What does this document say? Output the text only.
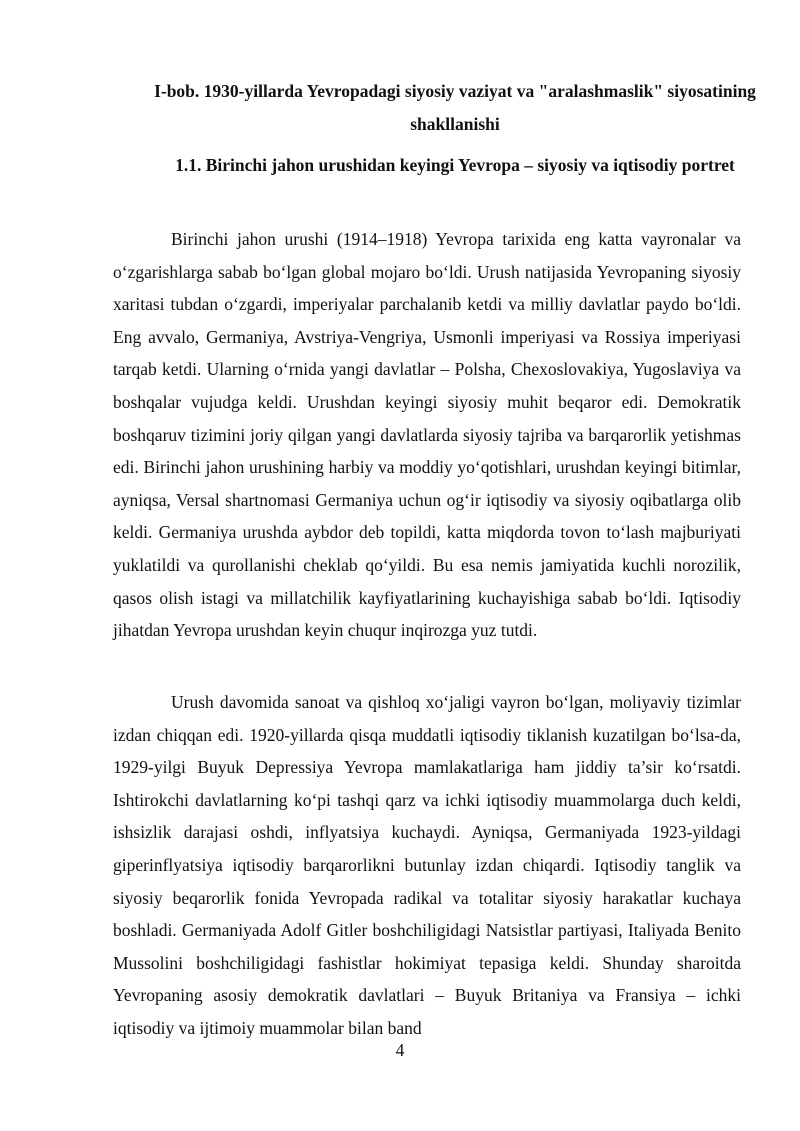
I-bob. 1930-yillarda Yevropadagi siyosiy vaziyat va "aralashmaslik" siyosatining shakllanishi
1.1. Birinchi jahon urushidan keyingi Yevropa – siyosiy va iqtisodiy portret

Birinchi jahon urushi (1914–1918) Yevropa tarixida eng katta vayronalar va o‘zgarishlarga sabab bo‘lgan global mojaro bo‘ldi. Urush natijasida Yevropaning siyosiy xaritasi tubdan o‘zgardi, imperiyalar parchalanib ketdi va milliy davlatlar paydo bo‘ldi. Eng avvalo, Germaniya, Avstriya-Vengriya, Usmonli imperiyasi va Rossiya imperiyasi tarqab ketdi. Ularning o‘rnida yangi davlatlar – Polsha, Chexoslovakiya, Yugoslaviya va boshqalar vujudga keldi. Urushdan keyingi siyosiy muhit beqaror edi. Demokratik boshqaruv tizimini joriy qilgan yangi davlatlarda siyosiy tajriba va barqarorlik yetishmas edi. Birinchi jahon urushining harbiy va moddiy yo‘qotishlari, urushdan keyingi bitimlar, ayniqsa, Versal shartnomasi Germaniya uchun og‘ir iqtisodiy va siyosiy oqibatlarga olib keldi. Germaniya urushda aybdor deb topildi, katta miqdorda tovon to‘lash majburiyati yuklatildi va qurollanishi cheklab qo‘yildi. Bu esa nemis jamiyatida kuchli norozilik, qasos olish istagi va millatchilik kayfiyatlarining kuchayishiga sabab bo‘ldi. Iqtisodiy jihatdan Yevropa urushdan keyin chuqur inqirozga yuz tutdi.

Urush davomida sanoat va qishloq xo‘jaligi vayron bo‘lgan, moliyaviy tizimlar izdan chiqqan edi. 1920-yillarda qisqa muddatli iqtisodiy tiklanish kuzatilgan bo‘lsa-da, 1929-yilgi Buyuk Depressiya Yevropa mamlakatlariga ham jiddiy ta’sir ko‘rsatdi. Ishtirokchi davlatlarning ko‘pi tashqi qarz va ichki iqtisodiy muammolarga duch keldi, ishsizlik darajasi oshdi, inflyatsiya kuchaydi. Ayniqsa, Germaniyada 1923-yildagi giperinflyatsiya iqtisodiy barqarorlikni butunlay izdan chiqardi. Iqtisodiy tanglik va siyosiy beqarorlik fonida Yevropada radikal va totalitar siyosiy harakatlar kuchaya boshladi. Germaniyada Adolf Gitler boshchiligidagi Natsistlar partiyasi, Italiyada Benito Mussolini boshchiligidagi fashistlar hokimiyat tepasiga keldi. Shunday sharoitda Yevropaning asosiy demokratik davlatlari – Buyuk Britaniya va Fransiya – ichki iqtisodiy va ijtimoiy muammolar bilan band

4
